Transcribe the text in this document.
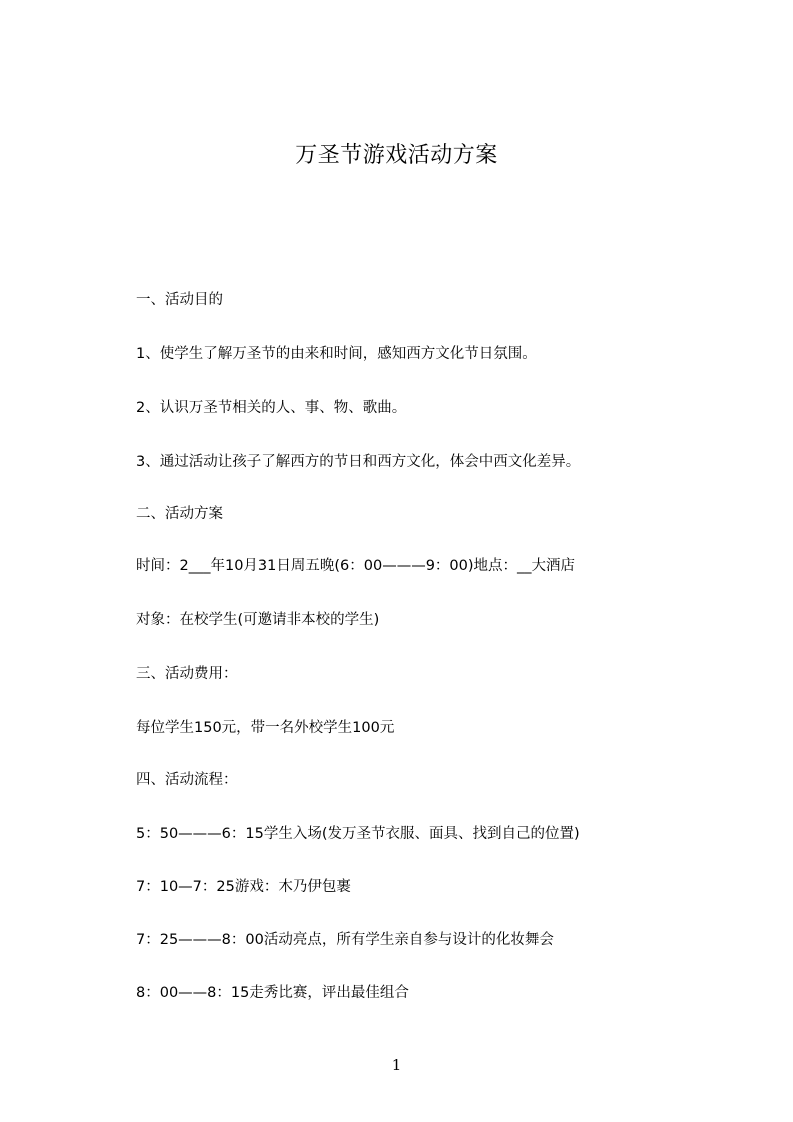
万圣节游戏活动方案
一、活动目的
1、使学生了解万圣节的由来和时间，感知西方文化节日氛围。
2、认识万圣节相关的人、事、物、歌曲。
3、通过活动让孩子了解西方的节日和西方文化，体会中西文化差异。
二、活动方案
时间：2___年10月31日周五晚(6：00———9：00)地点：__大酒店
对象：在校学生(可邀请非本校的学生)
三、活动费用：
每位学生150元，带一名外校学生100元
四、活动流程：
5：50———6：15学生入场(发万圣节衣服、面具、找到自己的位置)
7：10—7：25游戏：木乃伊包裹
7：25———8：00活动亮点，所有学生亲自参与设计的化妆舞会
8：00——8：15走秀比赛，评出最佳组合
1
